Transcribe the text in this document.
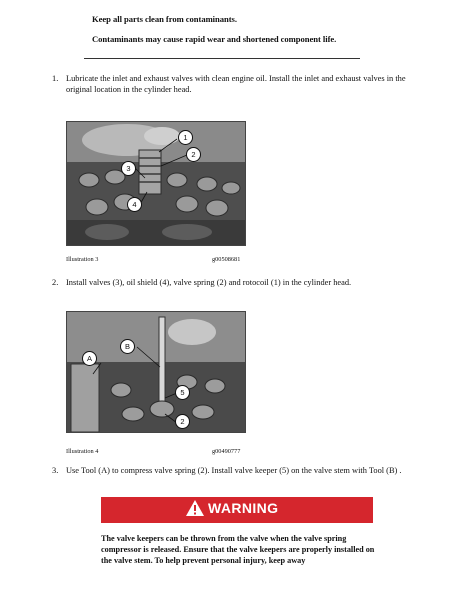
Keep all parts clean from contaminants.
Contaminants may cause rapid wear and shortened component life.
1. Lubricate the inlet and exhaust valves with clean engine oil. Install the inlet and exhaust valves in the original location in the cylinder head.
1
2
3
4
Illustration 3	g00508681
2. Install valves (3), oil shield (4), valve spring (2) and rotocoil (1) in the cylinder head.
A
B
5
2
Illustration 4	g00490777
3. Use Tool (A) to compress valve spring (2). Install valve keeper (5) on the valve stem with Tool (B) .
WARNING
The valve keepers can be thrown from the valve when the valve spring compressor is released. Ensure that the valve keepers are properly installed on the valve stem. To help prevent personal injury, keep away
